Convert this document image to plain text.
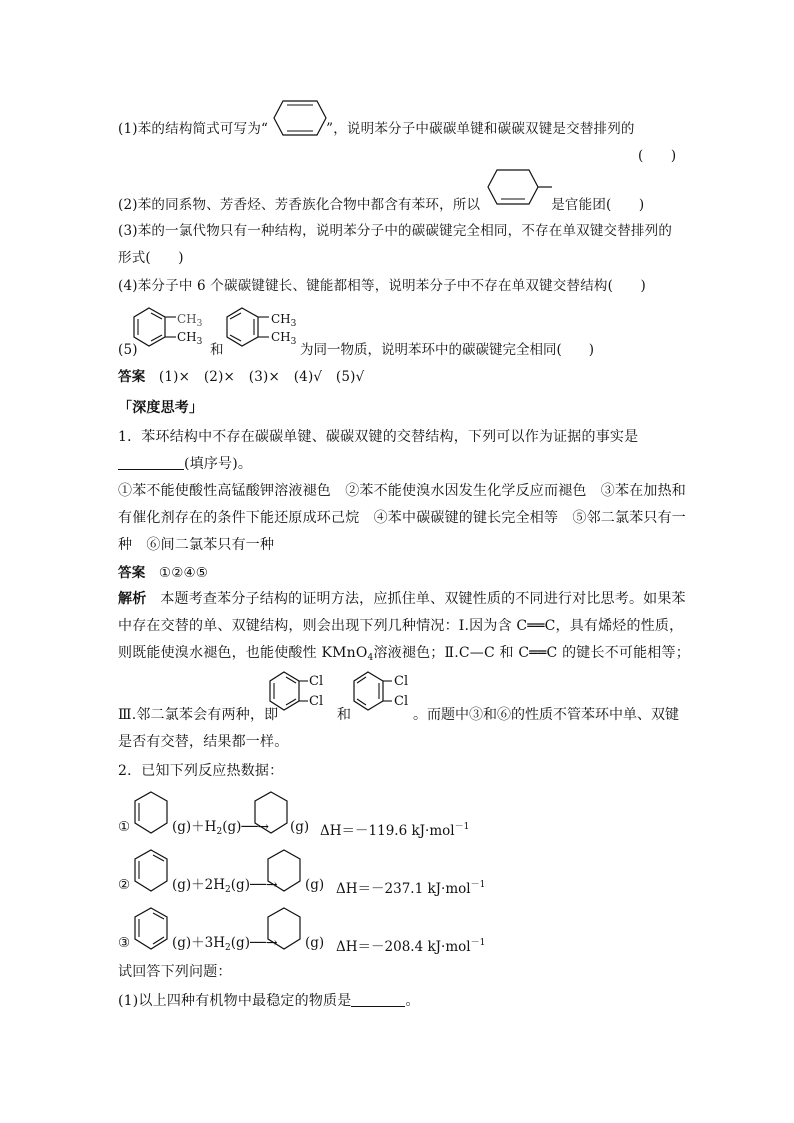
(1)苯的结构简式可写为“	”，说明苯分子中碳碳单键和碳碳双键是交替排列的
(　　)
(2)苯的同系物、芳香烃、芳香族化合物中都含有苯环，所以	是官能团(　　)
(3)苯的一氯代物只有一种结构，说明苯分子中的碳碳键完全相同，不存在单双键交替排列的
形式(　　)
(4)苯分子中 6 个碳碳键键长、键能都相等，说明苯分子中不存在单双键交替结构(　　)
$CH_3$
$CH_3$
$CH_3$
$CH_3$
(5)	和	为同一物质，说明苯环中的碳碳键完全相同(　　)
答案 (1)×　(2)×　(3)×　(4)√　(5)√
「深度思考」
1．苯环结构中不存在碳碳单键、碳碳双键的交替结构，下列可以作为证据的事实是
(填序号)。
①苯不能使酸性高锰酸钾溶液褪色　②苯不能使溴水因发生化学反应而褪色　③苯在加热和
有催化剂存在的条件下能还原成环己烷　④苯中碳碳键的键长完全相等　⑤邻二氯苯只有一
种　⑥间二氯苯只有一种
答案 ①②④⑤
解析 本题考查苯分子结构的证明方法，应抓住单、双键性质的不同进行对比思考。如果苯
中存在交替的单、双键结构，则会出现下列几种情况：Ⅰ.因为含 C══C，具有烯烃的性质，
则既能使溴水褪色，也能使酸性 KMnO$_4$溶液褪色；Ⅱ.C—C 和 C══C 的键长不可能相等；
Cl
Cl
Cl
Cl
Ⅲ.邻二氯苯会有两种，即	和	。而题中③和⑥的性质不管苯环中单、双键
是否有交替，结果都一样。
2．已知下列反应热数据：
①	$(g)+H_2(g)──\to (g)$ ΔH＝－119.6 kJ·mol$^{-1}$
②	$(g)+2H_2(g)──\to (g)$ ΔH＝－237.1 kJ·mol$^{-1}$
③	$(g)+3H_2(g)──\to (g)$ ΔH＝－208.4 kJ·mol$^{-1}$
试回答下列问题：
(1)以上四种有机物中最稳定的物质是	。
